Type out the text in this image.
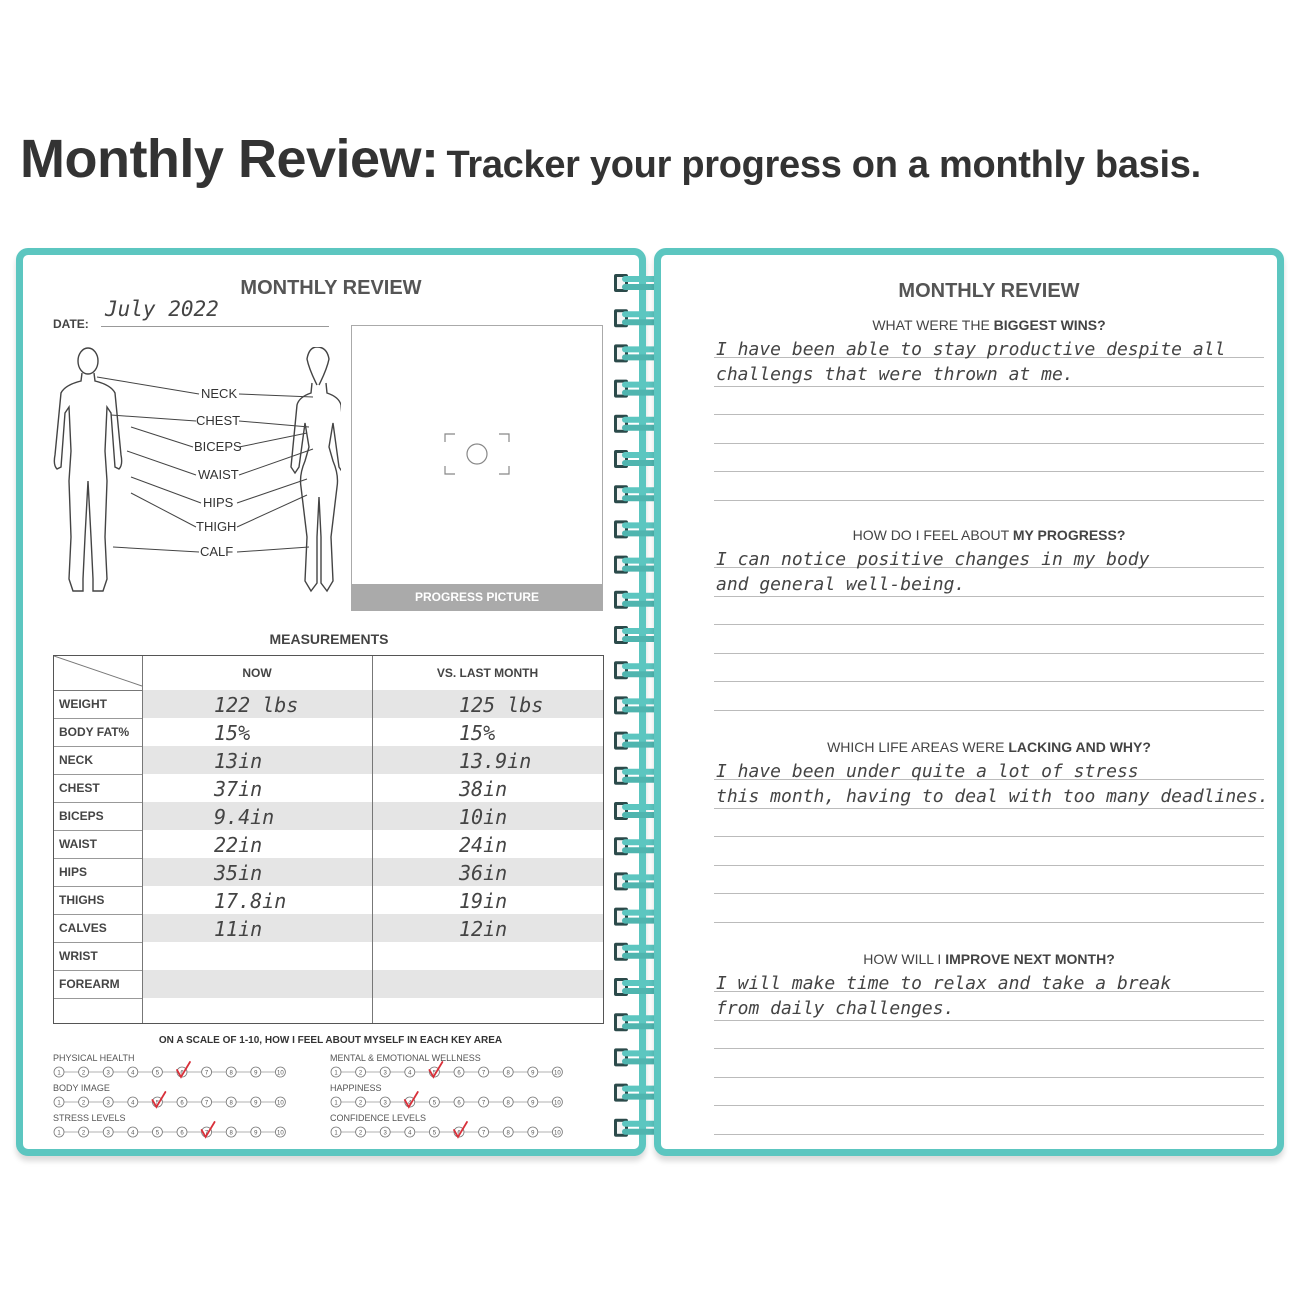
Monthly Review: Tracker your progress on a monthly basis.
MONTHLY REVIEW
DATE:
July 2022
NECK
CHEST
BICEPS
WAIST
HIPS
THIGH
CALF
PROGRESS PICTURE
MEASUREMENTS
NOW	VS. LAST MONTH
WEIGHT	122 lbs	125 lbs
BODY FAT%	15%	15%
NECK	13in	13.9in
CHEST	37in	38in
BICEPS	9.4in	10in
WAIST	22in	24in
HIPS	35in	36in
THIGHS	17.8in	19in
CALVES	11in	12in
WRIST
FOREARM
ON A SCALE OF 1-10, HOW I FEEL ABOUT MYSELF IN EACH KEY AREA
PHYSICAL HEALTH
1	2	3	4	5	6	7	8	9	10
MENTAL & EMOTIONAL WELLNESS
1	2	3	4	5	6	7	8	9	10
BODY IMAGE
1	2	3	4	5	6	7	8	9	10
HAPPINESS
1	2	3	4	5	6	7	8	9	10
STRESS LEVELS
1	2	3	4	5	6	7	8	9	10
CONFIDENCE LEVELS
1	2	3	4	5	6	7	8	9	10
MONTHLY REVIEW
WHAT WERE THE BIGGEST WINS?
I have been able to stay productive despite all
challengs that were thrown at me.
HOW DO I FEEL ABOUT MY PROGRESS?
I can notice positive changes in my body
and general well-being.
WHICH LIFE AREAS WERE LACKING AND WHY?
I have been under quite a lot of stress
this month, having to deal with too many deadlines.
HOW WILL I IMPROVE NEXT MONTH?
I will make time to relax and take a break
from daily challenges.
